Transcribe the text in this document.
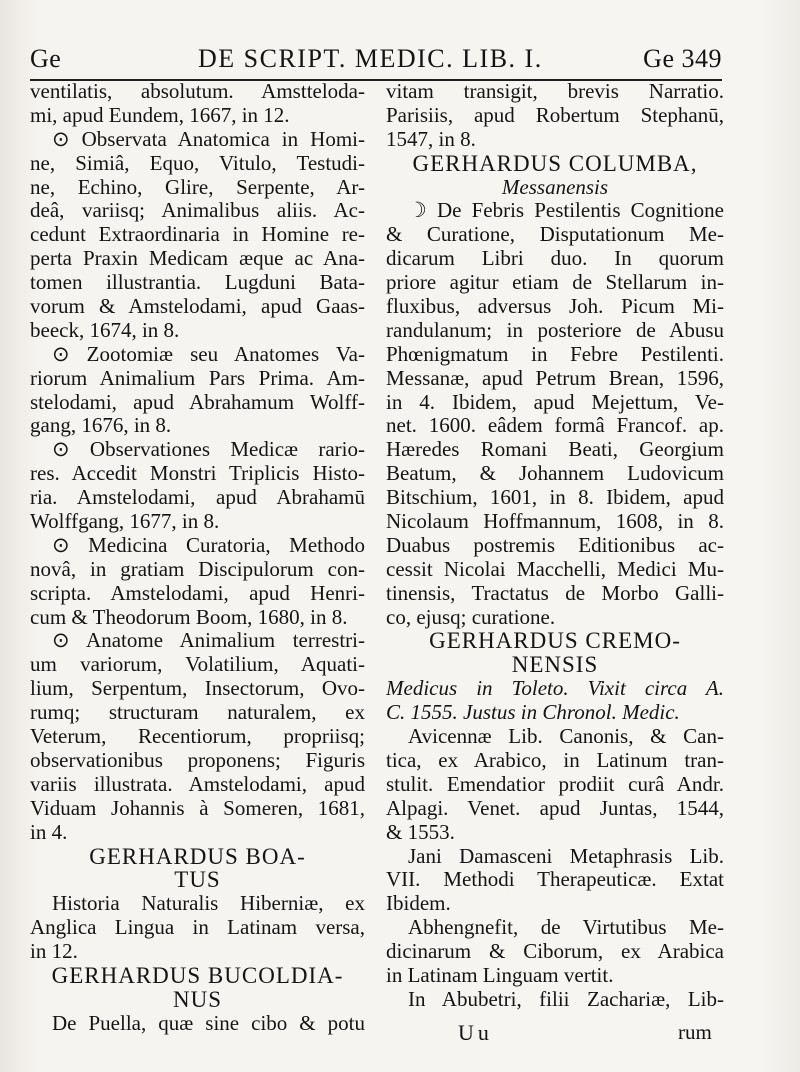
Ge	DE SCRIPT. MEDIC. LIB. I.	Ge 349
ventilatis, absolutum. Amstteloda-
mi, apud Eundem, 1667, in 12.
⊙ Observata Anatomica in Homi-
ne, Simiâ, Equo, Vitulo, Testudi-
ne, Echino, Glire, Serpente, Ar-
deâ, variisq; Animalibus aliis. Ac-
cedunt Extraordinaria in Homine re-
perta Praxin Medicam æque ac Ana-
tomen illustrantia. Lugduni Bata-
vorum & Amstelodami, apud Gaas-
beeck, 1674, in 8.
⊙ Zootomiæ seu Anatomes Va-
riorum Animalium Pars Prima. Am-
stelodami, apud Abrahamum Wolff-
gang, 1676, in 8.
⊙ Observationes Medicæ rario-
res. Accedit Monstri Triplicis Histo-
ria. Amstelodami, apud Abrahamū
Wolffgang, 1677, in 8.
⊙ Medicina Curatoria, Methodo
novâ, in gratiam Discipulorum con-
scripta. Amstelodami, apud Henri-
cum & Theodorum Boom, 1680, in 8.
⊙ Anatome Animalium terrestri-
um variorum, Volatilium, Aquati-
lium, Serpentum, Insectorum, Ovo-
rumq; structuram naturalem, ex
Veterum, Recentiorum, propriisq;
observationibus proponens; Figuris
variis illustrata. Amstelodami, apud
Viduam Johannis à Someren, 1681,
in 4.
GERHARDUS BOA-
TUS
Historia Naturalis Hiberniæ, ex
Anglica Lingua in Latinam versa,
in 12.
GERHARDUS BUCOLDIA-
NUS
De Puella, quæ sine cibo & potu
vitam transigit, brevis Narratio.
Parisiis, apud Robertum Stephanū,
1547, in 8.
GERHARDUS COLUMBA,
Messanensis
☽ De Febris Pestilentis Cognitione
& Curatione, Disputationum Me-
dicarum Libri duo. In quorum
priore agitur etiam de Stellarum in-
fluxibus, adversus Joh. Picum Mi-
randulanum; in posteriore de Abusu
Phœnigmatum in Febre Pestilenti.
Messanæ, apud Petrum Brean, 1596,
in 4. Ibidem, apud Mejettum, Ve-
net. 1600. eâdem formâ Francof. ap.
Hæredes Romani Beati, Georgium
Beatum, & Johannem Ludovicum
Bitschium, 1601, in 8. Ibidem, apud
Nicolaum Hoffmannum, 1608, in 8.
Duabus postremis Editionibus ac-
cessit Nicolai Macchelli, Medici Mu-
tinensis, Tractatus de Morbo Galli-
co, ejusq; curatione.
GERHARDUS CREMO-
NENSIS
Medicus in Toleto. Vixit circa A.
C. 1555. Justus in Chronol. Medic.
Avicennæ Lib. Canonis, & Can-
tica, ex Arabico, in Latinum tran-
stulit. Emendatior prodiit curâ Andr.
Alpagi. Venet. apud Juntas, 1544,
& 1553.
Jani Damasceni Metaphrasis Lib.
VII. Methodi Therapeuticæ. Extat
Ibidem.
Abhengnefit, de Virtutibus Me-
dicinarum & Ciborum, ex Arabica
in Latinam Linguam vertit.
In Abubetri, filii Zachariæ, Lib-
Uu	rum
